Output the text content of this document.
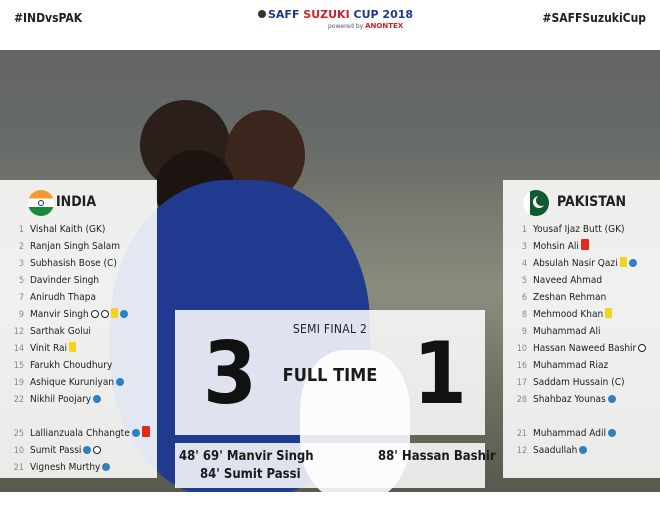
#INDvsPAK	SAFF SUZUKI CUP 2018
powered by ANONTEX
#SAFFSuzukiCup
INDIA
1 Vishal Kaith (GK)
2 Ranjan Singh Salam
3 Subhasish Bose (C)
5 Davinder Singh
7 Anirudh Thapa
9 Manvir Singh
12 Sarthak Golui
14 Vinit Rai
15 Farukh Choudhury
19 Ashique Kuruniyan
22 Nikhil Poojary
25 Lallianzuala Chhangte
10 Sumit Passi
21 Vignesh Murthy
PAKISTAN
1 Yousaf Ijaz Butt (GK)
3 Mohsin Ali
4 Absulah Nasir Qazi
5 Naveed Ahmad
6 Zeshan Rehman
8 Mehmood Khan
9 Muhammad Ali
10 Hassan Naweed Bashir
16 Muhammad Riaz
17 Saddam Hussain (C)
28 Shahbaz Younas
21 Muhammad Adil
12 Saadullah
SEMI FINAL 2
3	FULL TIME 1
48' 69' Manvir Singh
84' Sumit Passi
88' Hassan Bashir
